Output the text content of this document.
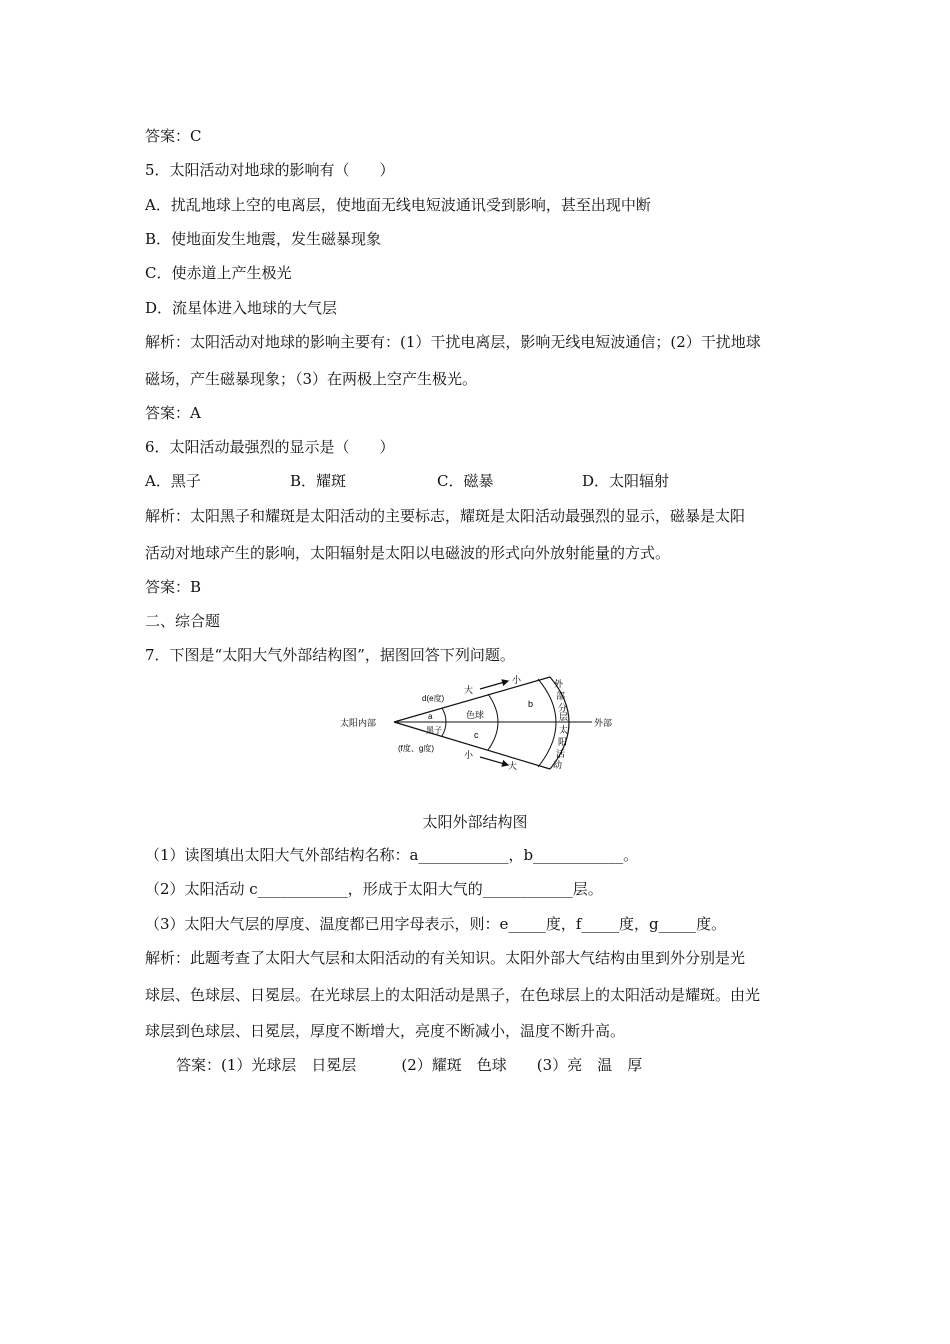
答案：C
5．太阳活动对地球的影响有（　　）
A．扰乱地球上空的电离层，使地面无线电短波通讯受到影响，甚至出现中断
B．使地面发生地震，发生磁暴现象
C．使赤道上产生极光
D．流星体进入地球的大气层
解析：太阳活动对地球的影响主要有：(1）干扰电离层，影响无线电短波通信；(2）干扰地球
磁场，产生磁暴现象；（3）在两极上空产生极光。
答案：A
6．太阳活动最强烈的显示是（　　）
A．黑子	B．耀斑	C．磁暴	D．太阳辐射
解析：太阳黑子和耀斑是太阳活动的主要标志，耀斑是太阳活动最强烈的显示，磁暴是太阳
活动对地球产生的影响，太阳辐射是太阳以电磁波的形式向外放射能量的方式。
答案：B
二、综合题
7．下图是“太阳大气外部结构图”，据图回答下列问题。
太阳内部	外部
d(e度)
大
小
a
黑子
色球
b
c
(f度、g度)
小
大
外
部
分
层
太
阳
活
动
太阳外部结构图
（1）读图填出太阳大气外部结构名称：a____________，b____________。
（2）太阳活动 c____________，形成于太阳大气的____________层。
（3）太阳大气层的厚度、温度都已用字母表示，则：e_____度，f_____度，g_____度。
解析：此题考查了太阳大气层和太阳活动的有关知识。太阳外部大气结构由里到外分别是光
球层、色球层、日冕层。在光球层上的太阳活动是黑子，在色球层上的太阳活动是耀斑。由光
球层到色球层、日冕层，厚度不断增大，亮度不断减小，温度不断升高。
答案：(1）光球层　日冕层　　　(2）耀斑　色球　　(3）亮　温　厚
